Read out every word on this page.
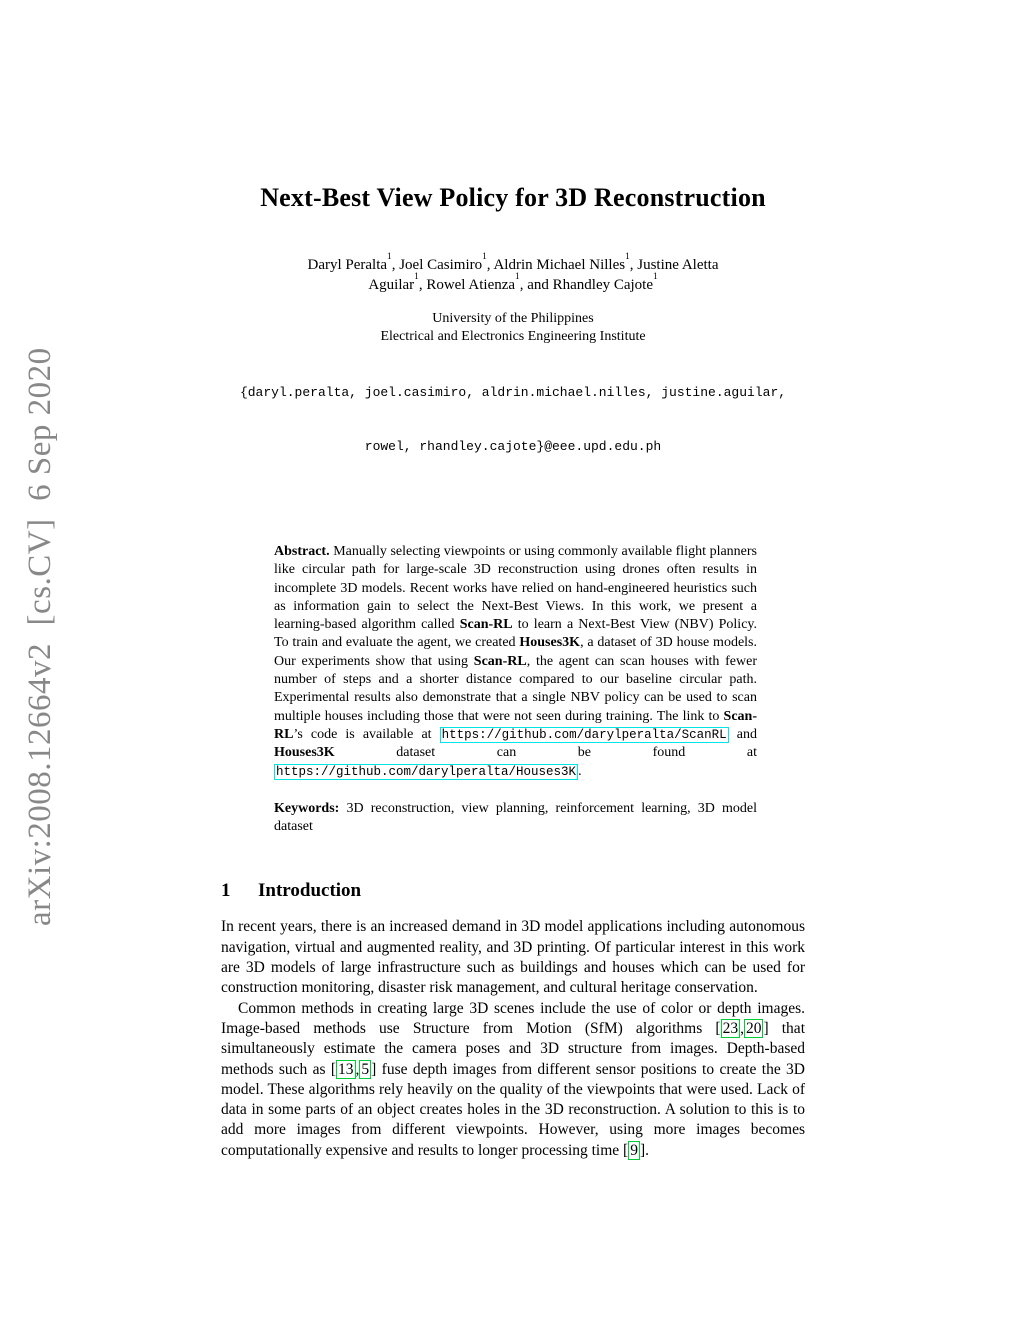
arXiv:2008.12664v2  [cs.CV]  6 Sep 2020
Next-Best View Policy for 3D Reconstruction
Daryl Peralta$^1$, Joel Casimiro$^1$, Aldrin Michael Nilles$^1$, Justine Aletta
Aguilar$^1$, Rowel Atienza$^1$, and Rhandley Cajote$^1$
University of the Philippines
Electrical and Electronics Engineering Institute

{daryl.peralta, joel.casimiro, aldrin.michael.nilles, justine.aguilar,

rowel, rhandley.cajote}@eee.upd.edu.ph

Abstract. Manually selecting viewpoints or using commonly available flight planners like circular path for large-scale 3D reconstruction using drones often results in incomplete 3D models. Recent works have relied on hand-engineered heuristics such as information gain to select the Next-Best Views. In this work, we present a learning-based algorithm called Scan-RL to learn a Next-Best View (NBV) Policy. To train and evaluate the agent, we created Houses3K, a dataset of 3D house models. Our experiments show that using Scan-RL, the agent can scan houses with fewer number of steps and a shorter distance compared to our baseline circular path. Experimental results also demonstrate that a single NBV policy can be used to scan multiple houses including those that were not seen during training. The link to Scan-RL’s code is available at https://github.com/darylperalta/ScanRL and Houses3K dataset can be found at https://github.com/darylperalta/Houses3K .
Keywords: 3D reconstruction, view planning, reinforcement learning, 3D model dataset
1 Introduction

In recent years, there is an increased demand in 3D model applications including autonomous navigation, virtual and augmented reality, and 3D printing. Of particular interest in this work are 3D models of large infrastructure such as buildings and houses which can be used for construction monitoring, disaster risk management, and cultural heritage conservation.

Common methods in creating large 3D scenes include the use of color or depth images. Image-based methods use Structure from Motion (SfM) algorithms [ 23 , 20 ] that simultaneously estimate the camera poses and 3D structure from images. Depth-based methods such as [ 13 , 5 ] fuse depth images from different sensor positions to create the 3D model. These algorithms rely heavily on the quality of the viewpoints that were used. Lack of data in some parts of an object creates holes in the 3D reconstruction. A solution to this is to add more images from different viewpoints. However, using more images becomes computationally expensive and results to longer processing time [ 9 ].
